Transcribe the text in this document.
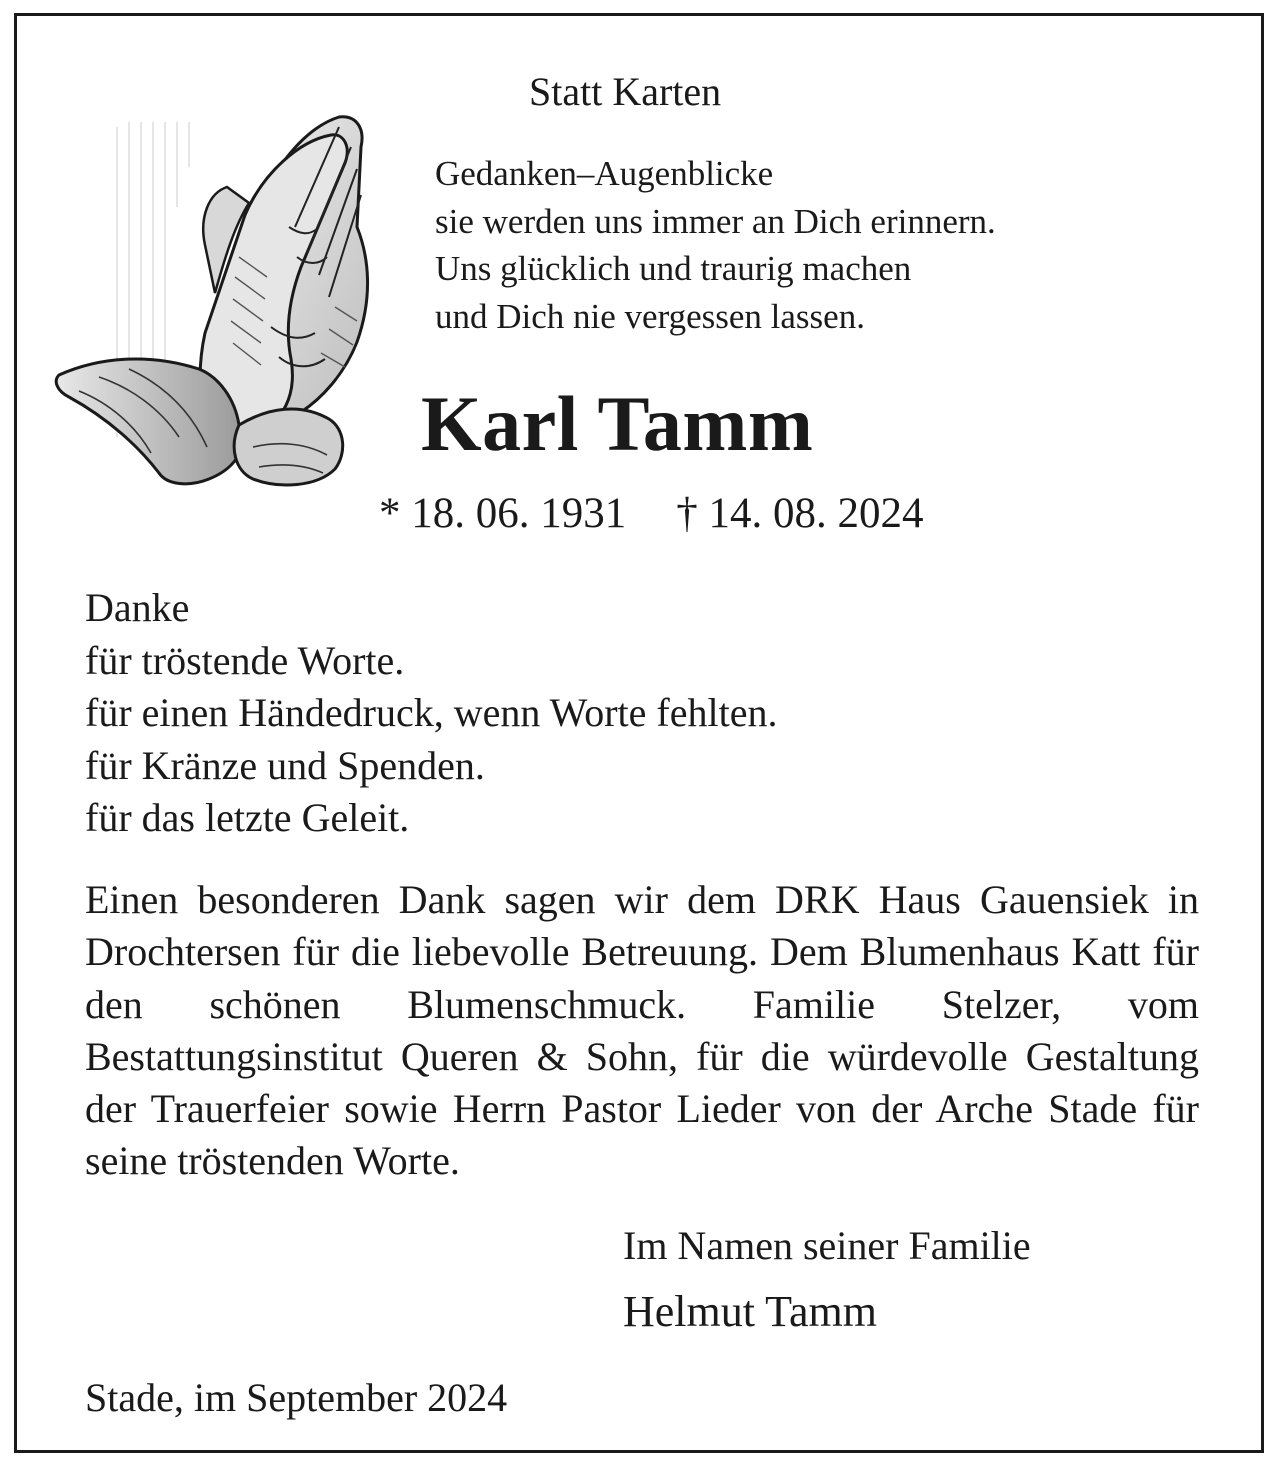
Statt Karten
Gedanken–Augenblicke
sie werden uns immer an Dich erinnern.
Uns glücklich und traurig machen
und Dich nie vergessen lassen.
Karl Tamm
* 18. 06. 1931 † 14. 08. 2024
Danke
für tröstende Worte.
für einen Händedruck, wenn Worte fehlten.
für Kränze und Spenden.
für das letzte Geleit.
Einen besonderen Dank sagen wir dem DRK Haus Gauensiek in Drochtersen für die liebevolle Betreuung. Dem Blumenhaus Katt für den schönen Blumenschmuck. Familie Stelzer, vom Bestattungsinstitut Queren & Sohn, für die würdevolle Gestaltung der Trauerfeier sowie Herrn Pastor Lieder von der Arche Stade für seine tröstenden Worte.
Im Namen seiner Familie
Helmut Tamm
Stade, im September 2024
